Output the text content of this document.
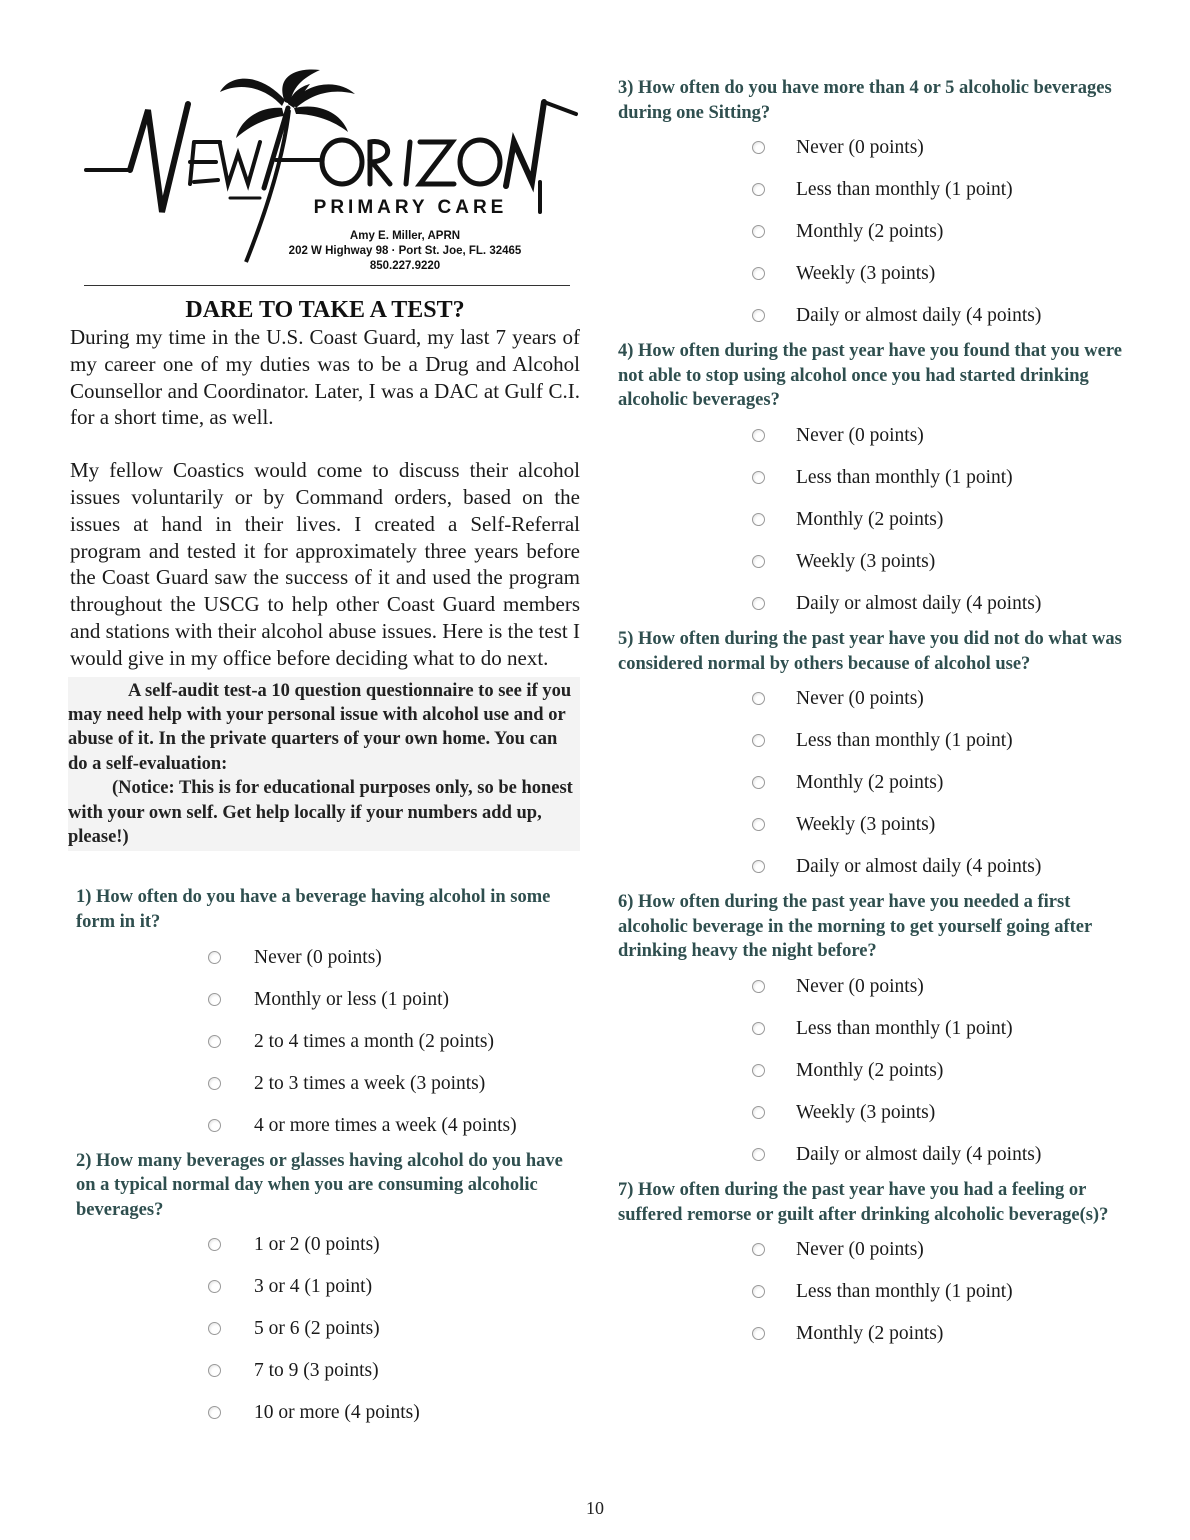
PRIMARY CARE
Amy E. Miller, APRN
202 W Highway 98 · Port St. Joe, FL. 32465
850.227.9220
DARE TO TAKE A TEST?

During my time in the U.S. Coast Guard, my last 7 years of my career one of my duties was to be a Drug and Alcohol Counsellor and Coordinator. Later, I was a DAC at Gulf C.I. for a short time, as well.

My fellow Coastics would come to discuss their alcohol issues voluntarily or by Command orders, based on the issues at hand in their lives. I created a Self-Referral program and tested it for approximately three years before the Coast Guard saw the success of it and used the program throughout the USCG to help other Coast Guard members and stations with their alcohol abuse issues. Here is the test I would give in my office before deciding what to do next.

A self-audit test-a 10 question questionnaire to see if you may need help with your personal issue with alcohol use and or abuse of it. In the private quarters of your own home. You can do a self-evaluation:

(Notice: This is for educational purposes only, so be honest with your own self. Get help locally if your numbers add up, please!)

1) How often do you have a beverage having alcohol in some form in it?

Never (0 points)
Monthly or less (1 point)
2 to 4 times a month (2 points)
2 to 3 times a week (3 points)
4 or more times a week (4 points)

2) How many beverages or glasses having alcohol do you have on a typical normal day when you are consuming alcoholic beverages?

1 or 2 (0 points)
3 or 4 (1 point)
5 or 6 (2 points)
7 to 9 (3 points)
10 or more (4 points)

3) How often do you have more than 4 or 5 alcoholic beverages during one Sitting?

Never (0 points)
Less than monthly (1 point)
Monthly (2 points)
Weekly (3 points)
Daily or almost daily (4 points)

4) How often during the past year have you found that you were not able to stop using alcohol once you had started drinking alcoholic beverages?

Never (0 points)
Less than monthly (1 point)
Monthly (2 points)
Weekly (3 points)
Daily or almost daily (4 points)

5) How often during the past year have you did not do what was considered normal by others because of alcohol use?

Never (0 points)
Less than monthly (1 point)
Monthly (2 points)
Weekly (3 points)
Daily or almost daily (4 points)

6) How often during the past year have you needed a first alcoholic beverage in the morning to get yourself going after drinking heavy the night before?

Never (0 points)
Less than monthly (1 point)
Monthly (2 points)
Weekly (3 points)
Daily or almost daily (4 points)

7) How often during the past year have you had a feeling or suffered remorse or guilt after drinking alcoholic beverage(s)?

Never (0 points)
Less than monthly (1 point)
Monthly (2 points)
10
